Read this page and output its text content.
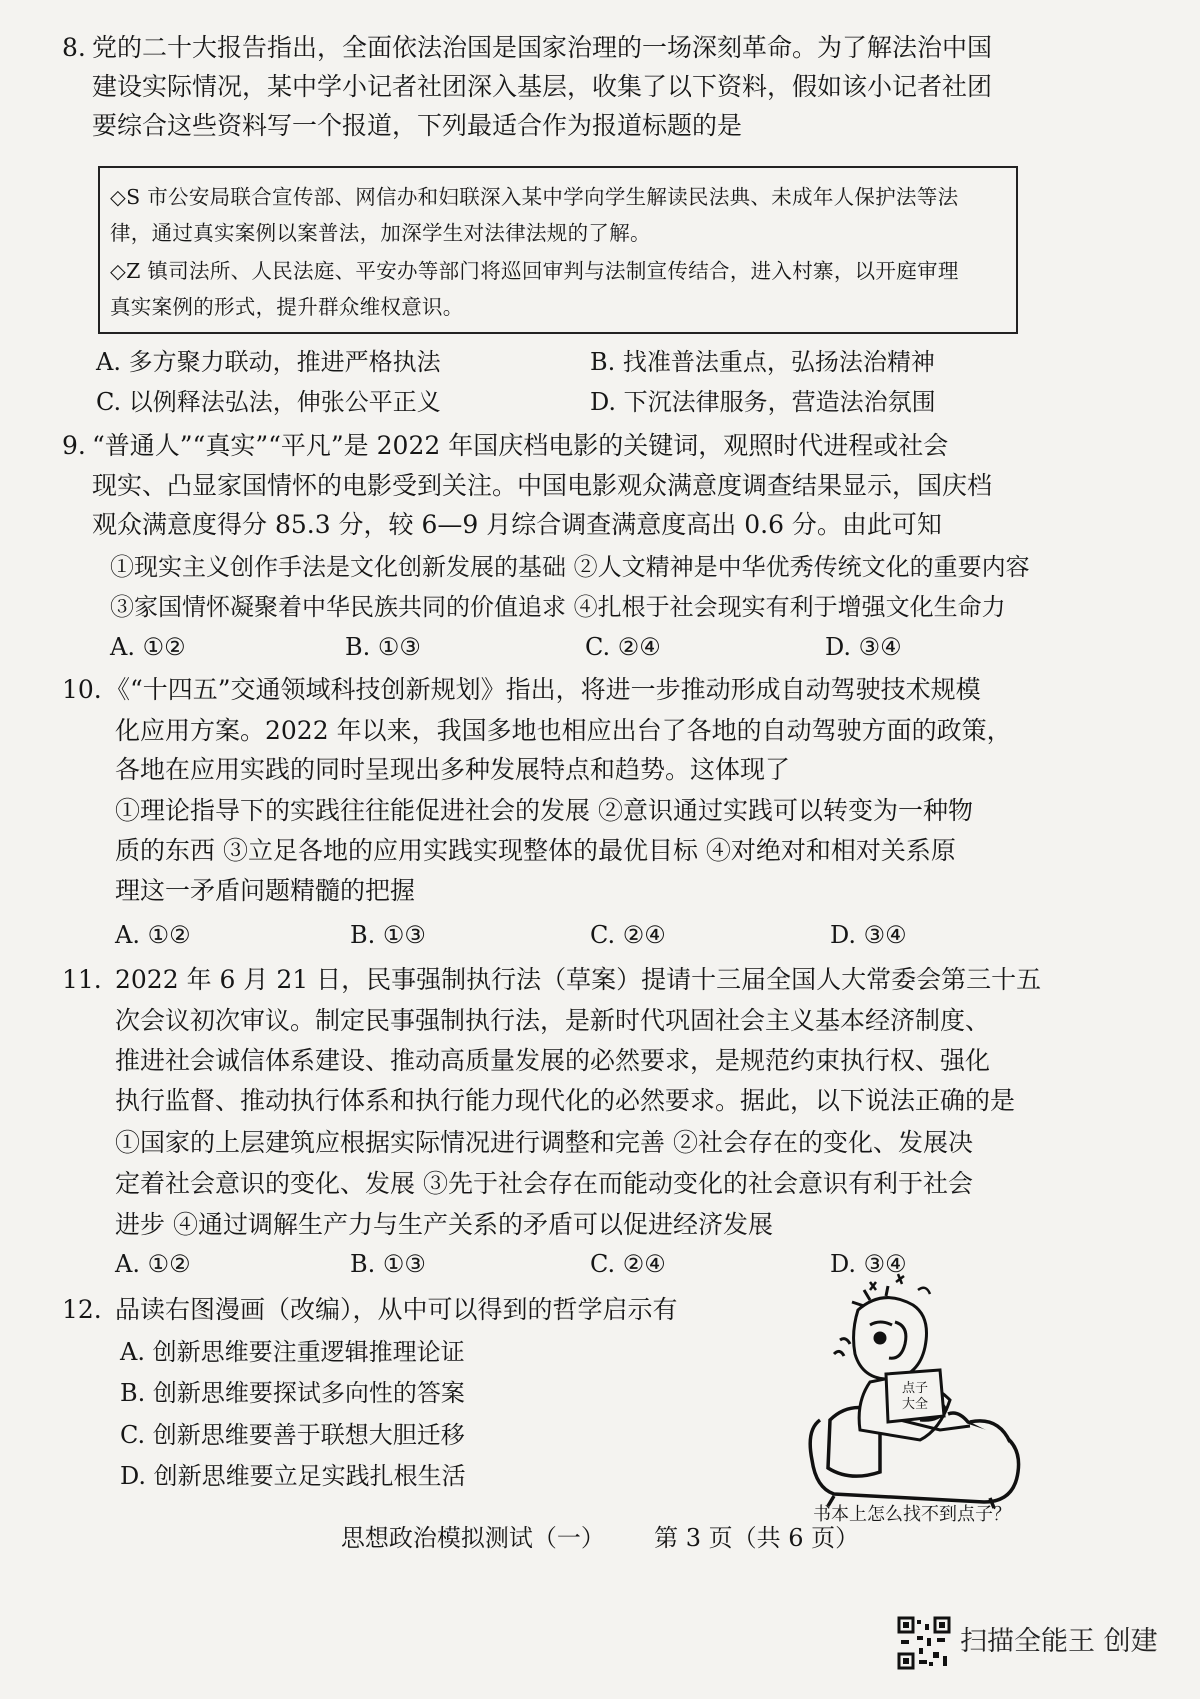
8. 党的二十大报告指出，全面依法治国是国家治理的一场深刻革命。为了解法治中国
建设实际情况，某中学小记者社团深入基层，收集了以下资料，假如该小记者社团
要综合这些资料写一个报道，下列最适合作为报道标题的是
◇S 市公安局联合宣传部、网信办和妇联深入某中学向学生解读民法典、未成年人保护法等法
律，通过真实案例以案普法，加深学生对法律法规的了解。
◇Z 镇司法所、人民法庭、平安办等部门将巡回审判与法制宣传结合，进入村寨，以开庭审理
真实案例的形式，提升群众维权意识。
A. 多方聚力联动，推进严格执法	B. 找准普法重点，弘扬法治精神
C. 以例释法弘法，伸张公平正义	D. 下沉法律服务，营造法治氛围
9. “普通人”“真实”“平凡”是 2022 年国庆档电影的关键词，观照时代进程或社会
现实、凸显家国情怀的电影受到关注。中国电影观众满意度调查结果显示，国庆档
观众满意度得分 85.3 分，较 6—9 月综合调查满意度高出 0.6 分。由此可知
①现实主义创作手法是文化创新发展的基础 ②人文精神是中华优秀传统文化的重要内容
③家国情怀凝聚着中华民族共同的价值追求 ④扎根于社会现实有利于增强文化生命力
A. ①②	B. ①③	C. ②④	D. ③④
10. 《“十四五”交通领域科技创新规划》指出，将进一步推动形成自动驾驶技术规模
化应用方案。2022 年以来，我国多地也相应出台了各地的自动驾驶方面的政策，
各地在应用实践的同时呈现出多种发展特点和趋势。这体现了
①理论指导下的实践往往能促进社会的发展 ②意识通过实践可以转变为一种物
质的东西 ③立足各地的应用实践实现整体的最优目标 ④对绝对和相对关系原
理这一矛盾问题精髓的把握
A. ①②	B. ①③	C. ②④	D. ③④
11. 2022 年 6 月 21 日，民事强制执行法（草案）提请十三届全国人大常委会第三十五
次会议初次审议。制定民事强制执行法，是新时代巩固社会主义基本经济制度、
推进社会诚信体系建设、推动高质量发展的必然要求，是规范约束执行权、强化
执行监督、推动执行体系和执行能力现代化的必然要求。据此，以下说法正确的是
①国家的上层建筑应根据实际情况进行调整和完善 ②社会存在的变化、发展决
定着社会意识的变化、发展 ③先于社会存在而能动变化的社会意识有利于社会
进步 ④通过调解生产力与生产关系的矛盾可以促进经济发展
A. ①②	B. ①③	C. ②④	D. ③④
12. 品读右图漫画（改编），从中可以得到的哲学启示有
A. 创新思维要注重逻辑推理论证
B. 创新思维要探试多向性的答案
C. 创新思维要善于联想大胆迁移
D. 创新思维要立足实践扎根生活
点子
大全
书本上怎么找不到点子？
思想政治模拟测试（一） 第 3 页（共 6 页）
扫描全能王 创建
